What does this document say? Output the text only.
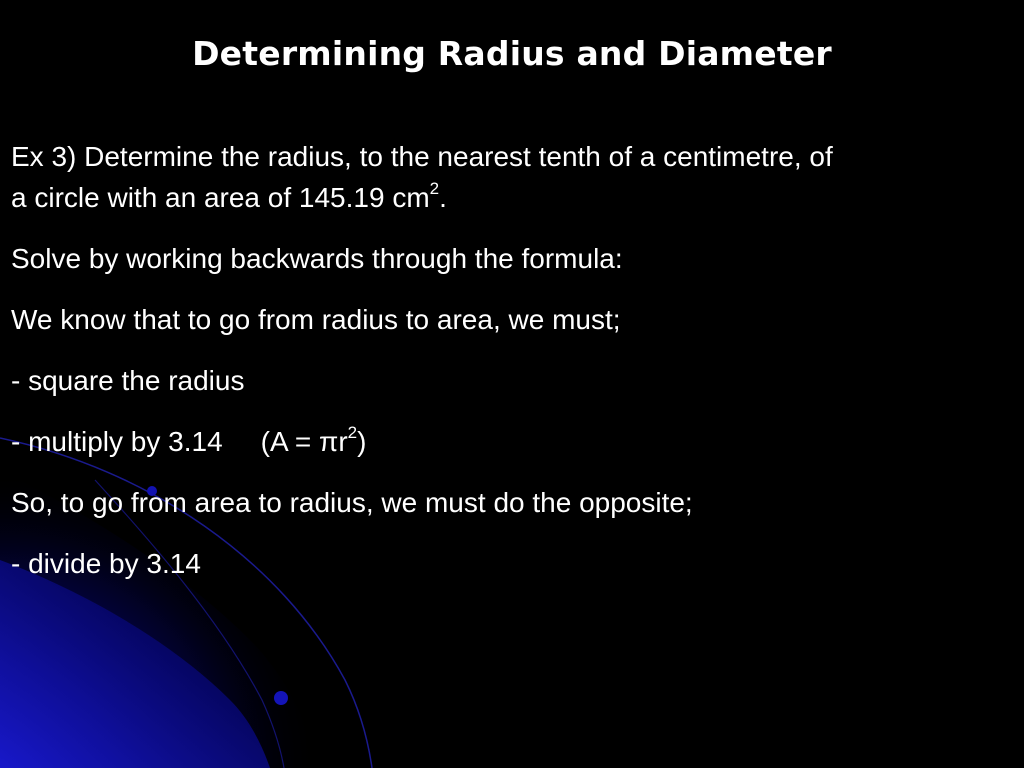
Determining Radius and Diameter

Ex 3) Determine the radius, to the nearest tenth of a centimetre, of

a circle with an area of 145.19 $cm^2$.

Solve by working backwards through the formula:

We know that to go from radius to area, we must;

- square the radius

- multiply by 3.14 $(A = \pi r^2)$

So, to go from area to radius, we must do the opposite;

- divide by 3.14
